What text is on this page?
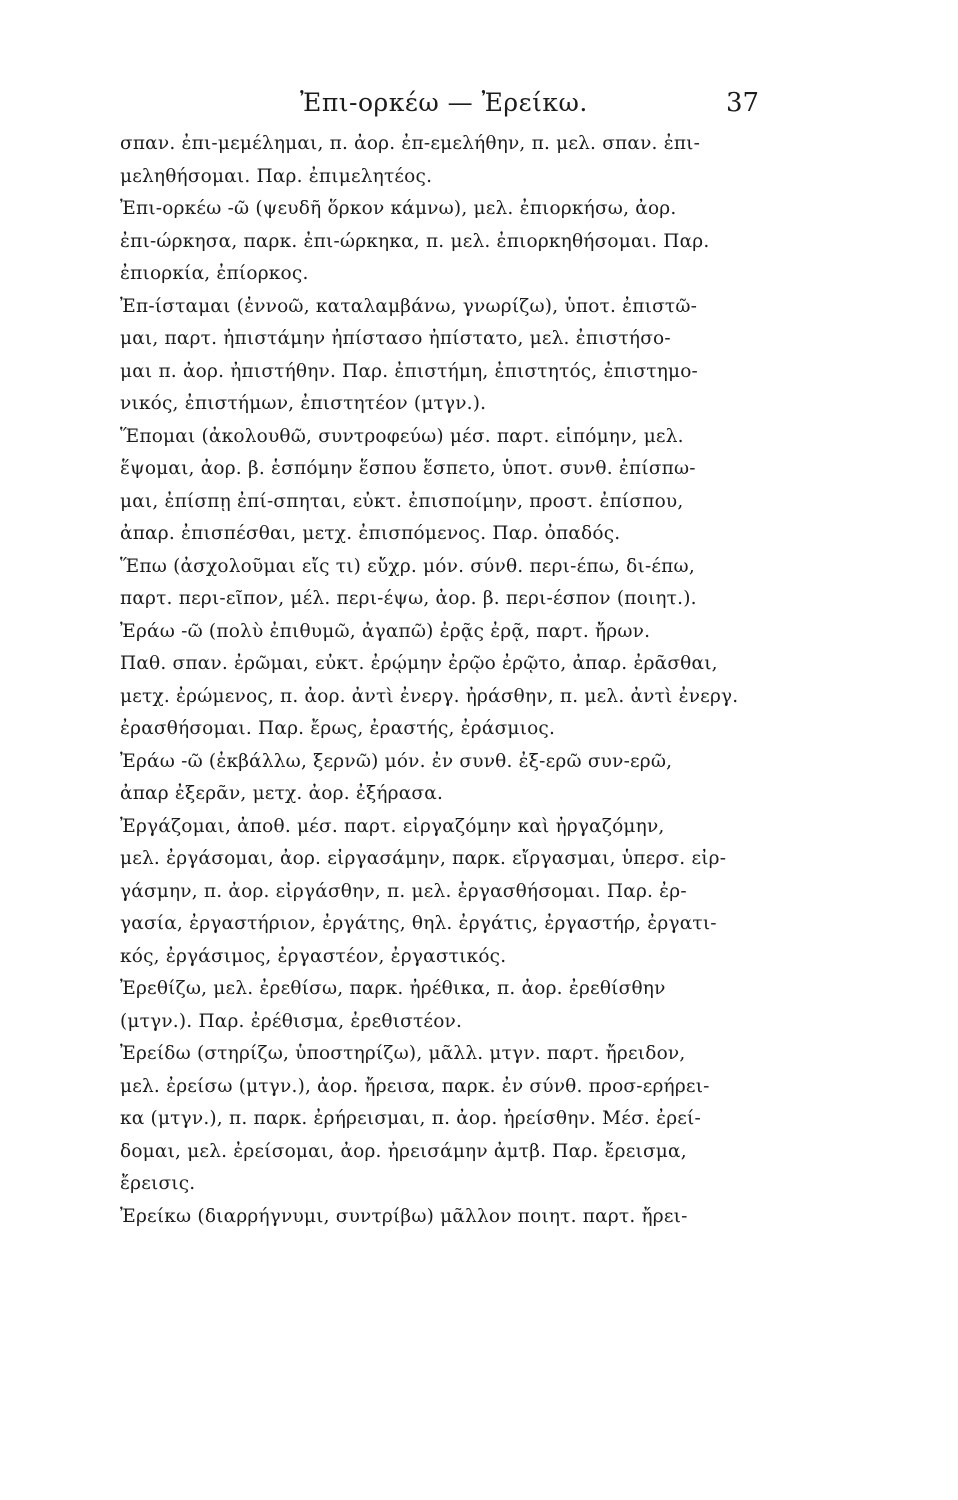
Ἐπι-ορκέω — Ἐρείκω.	37
σπαν. ἐπι-μεμέλημαι, π. ἀορ. ἐπ-εμελήθην, π. μελ. σπαν. ἐπι-
μεληθήσομαι. Παρ. ἐπιμελητέος.
Ἐπι-ορκέω -ῶ (ψευδῆ ὅρκον κάμνω), μελ. ἐπιορκήσω, ἀορ.
ἐπι-ώρκησα, παρκ. ἐπι-ώρκηκα, π. μελ. ἐπιορκηθήσομαι. Παρ.
ἐπιορκία, ἐπίορκος.
Ἐπ-ίσταμαι (ἐννοῶ, καταλαμβάνω, γνωρίζω), ὑποτ. ἐπιστῶ-
μαι, παρτ. ἠπιστάμην ἠπίστασο ἠπίστατο, μελ. ἐπιστήσο-
μαι π. ἀορ. ἠπιστήθην. Παρ. ἐπιστήμη, ἐπιστητός, ἐπιστημο-
νικός, ἐπιστήμων, ἐπιστητέον (μτγν.).
Ἕπομαι (ἀκολουθῶ, συντροφεύω) μέσ. παρτ. εἱπόμην, μελ.
ἕψομαι, ἀορ. β. ἑσπόμην ἕσπου ἕσπετο, ὑποτ. συνθ. ἐπίσπω-
μαι, ἐπίσπῃ ἐπί-σπηται, εὐκτ. ἐπισποίμην, προστ. ἐπίσπου,
ἀπαρ. ἐπισπέσθαι, μετχ. ἐπισπόμενος. Παρ. ὀπαδός.
Ἕπω (ἀσχολοῦμαι εἴς τι) εὔχρ. μόν. σύνθ. περι-έπω, δι-έπω,
παρτ. περι-εῖπον, μέλ. περι-έψω, ἀορ. β. περι-έσπον (ποιητ.).
Ἐράω -ῶ (πολὺ ἐπιθυμῶ, ἀγαπῶ) ἐρᾷς ἐρᾷ, παρτ. ἤρων.
Παθ. σπαν. ἐρῶμαι, εὐκτ. ἐρῴμην ἐρῷο ἐρῷτο, ἀπαρ. ἐρᾶσθαι,
μετχ. ἐρώμενος, π. ἀορ. ἀντὶ ἐνεργ. ἠράσθην, π. μελ. ἀντὶ ἐνεργ.
ἐρασθήσομαι. Παρ. ἔρως, ἐραστής, ἐράσμιος.
Ἐράω -ῶ (ἐκβάλλω, ξερνῶ) μόν. ἐν συνθ. ἐξ-ερῶ συν-ερῶ,
ἀπαρ ἐξερᾶν, μετχ. ἀορ. ἐξήρασα.
Ἐργάζομαι, ἀποθ. μέσ. παρτ. εἰργαζόμην καὶ ἠργαζόμην,
μελ. ἐργάσομαι, ἀορ. εἰργασάμην, παρκ. εἴργασμαι, ὑπερσ. εἰρ-
γάσμην, π. ἀορ. εἰργάσθην, π. μελ. ἐργασθήσομαι. Παρ. ἐρ-
γασία, ἐργαστήριον, ἐργάτης, θηλ. ἐργάτις, ἐργαστήρ, ἐργατι-
κός, ἐργάσιμος, ἐργαστέον, ἐργαστικός.
Ἐρεθίζω, μελ. ἐρεθίσω, παρκ. ἠρέθικα, π. ἀορ. ἐρεθίσθην
(μτγν.). Παρ. ἐρέθισμα, ἐρεθιστέον.
Ἐρείδω (στηρίζω, ὑποστηρίζω), μᾶλλ. μτγν. παρτ. ἤρειδον,
μελ. ἐρείσω (μτγν.), ἀορ. ἤρεισα, παρκ. ἐν σύνθ. προσ-ερήρει-
κα (μτγν.), π. παρκ. ἐρήρεισμαι, π. ἀορ. ἠρείσθην. Μέσ. ἐρεί-
δομαι, μελ. ἐρείσομαι, ἀορ. ἠρεισάμην ἀμτβ. Παρ. ἔρεισμα,
ἔρεισις.
Ἐρείκω (διαρρήγνυμι, συντρίβω) μᾶλλον ποιητ. παρτ. ἤρει-
